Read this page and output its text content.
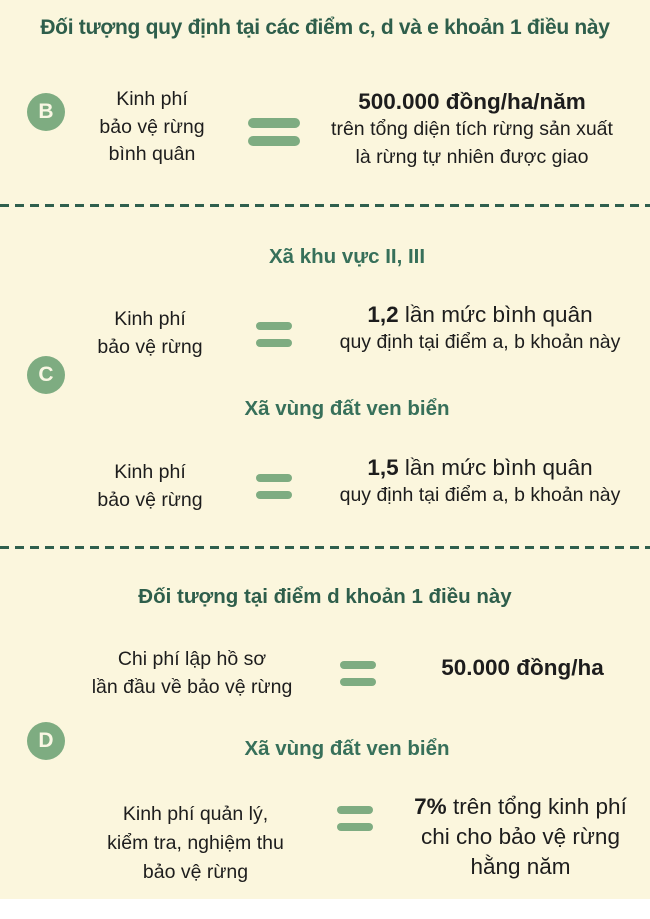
Đối tượng quy định tại các điểm c, d và e khoản 1 điều này
B
Kinh phí
bảo vệ rừng
bình quân
500.000 đồng/ha/năm
trên tổng diện tích rừng sản xuất
là rừng tự nhiên được giao
Xã khu vực II, III
Kinh phí
bảo vệ rừng
1,2 lần mức bình quân
quy định tại điểm a, b khoản này
C
Xã vùng đất ven biển
Kinh phí
bảo vệ rừng
1,5 lần mức bình quân
quy định tại điểm a, b khoản này
Đối tượng tại điểm d khoản 1 điều này
Chi phí lập hồ sơ
lần đầu về bảo vệ rừng
50.000 đồng/ha
D	Xã vùng đất ven biển
Kinh phí quản lý,
kiểm tra, nghiệm thu
bảo vệ rừng
7% trên tổng kinh phí
chi cho bảo vệ rừng
hằng năm
